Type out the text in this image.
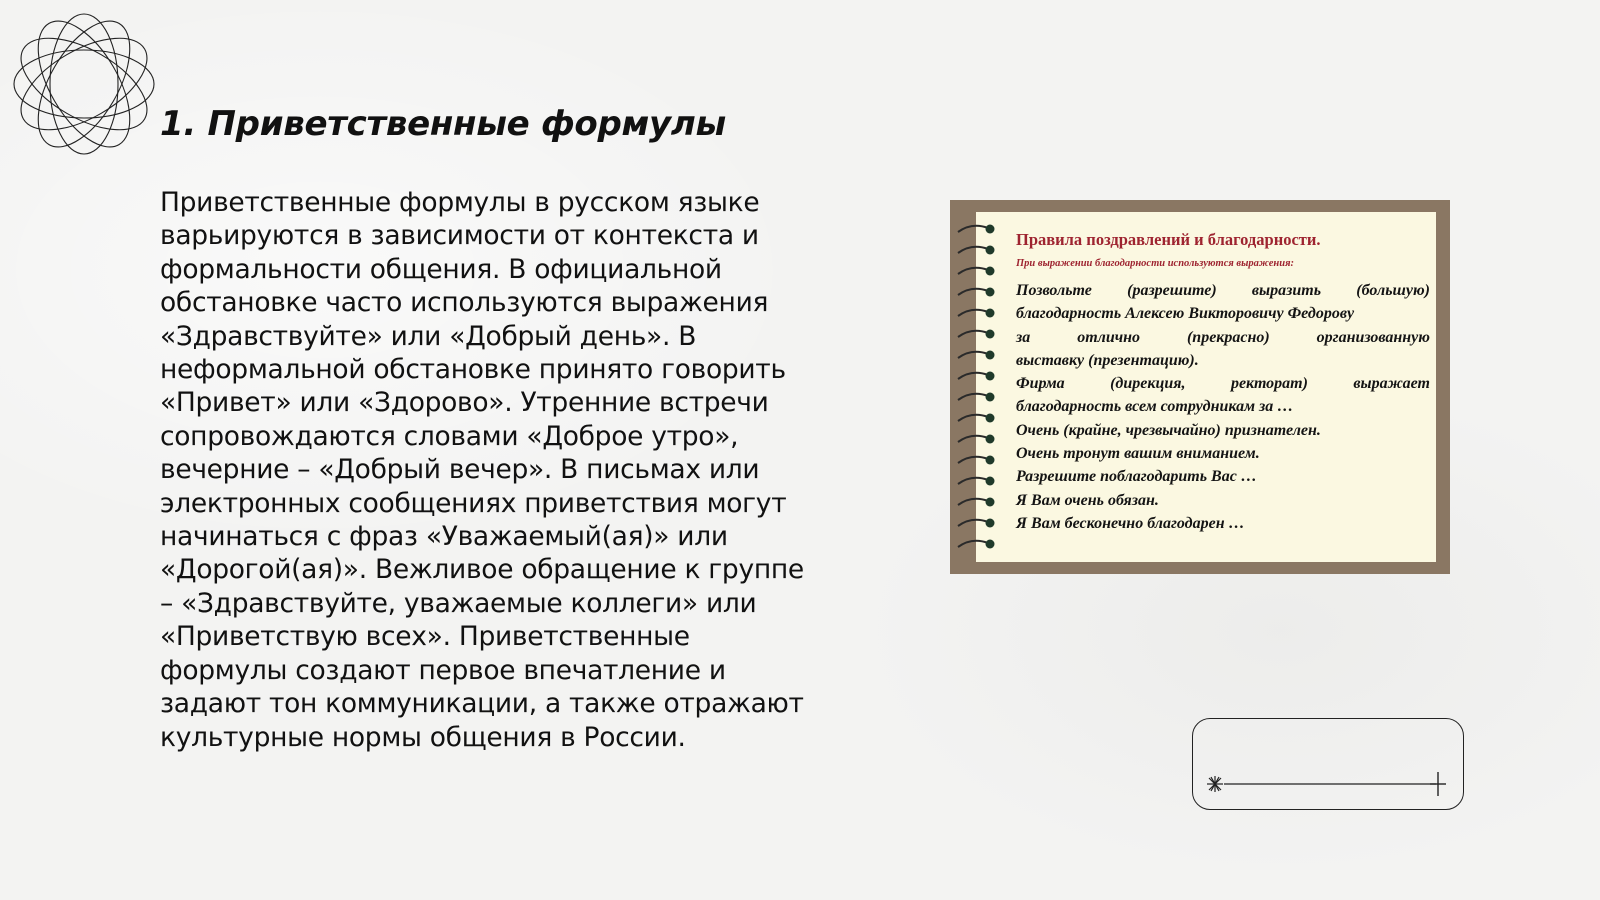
1. Приветственные формулы

Приветственные формулы в русском языке варьируются в зависимости от контекста и формальности общения. В официальной обстановке часто используются выражения «Здравствуйте» или «Добрый день». В неформальной обстановке принято говорить «Привет» или «Здорово». Утренние встречи сопровождаются словами «Доброе утро», вечерние – «Добрый вечер». В письмах или электронных сообщениях приветствия могут начинаться с фраз «Уважаемый(ая)» или «Дорогой(ая)». Вежливое обращение к группе – «Здравствуйте, уважаемые коллеги» или «Приветствую всех». Приветственные формулы создают первое впечатление и задают тон коммуникации, а также отражают культурные нормы общения в России.

Правила поздравлений и благодарности.

При выражении благодарности используются выражения:

Позвольте (разрешите) выразить (большую)

благодарность Алексею Викторовичу Федорову

за	отлично	(прекрасно)	организованную

выставку (презентацию).

Фирма	(дирекция,	ректорат)	выражает

благодарность всем сотрудникам за …

Очень (крайне, чрезвычайно) признателен.

Очень тронут вашим вниманием.

Разрешите поблагодарить Вас …

Я Вам очень обязан.

Я Вам бесконечно благодарен …
